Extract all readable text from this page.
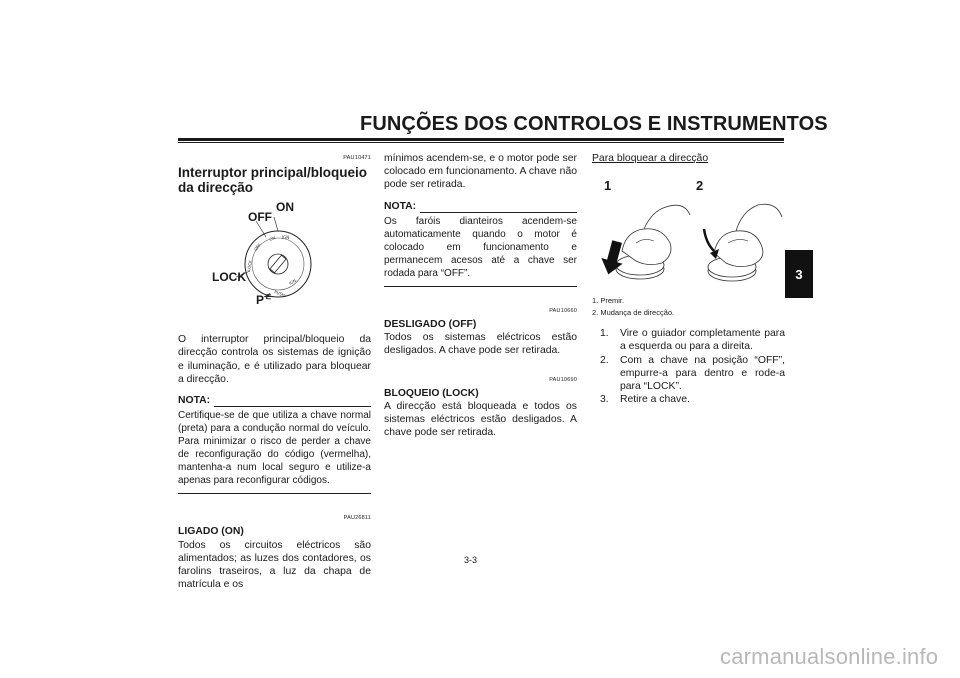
FUNÇÕES DOS CONTROLOS E INSTRUMENTOS
3
PAU10471
Interruptor principal/bloqueio da direcção
ON IGN
OFF
LOCK
IGN.
PUSH
ON
OFF
LOCK
P⋲
O interruptor principal/bloqueio da direcção controla os sistemas de ignição e iluminação, e é utilizado para bloquear a direcção.
NOTA:
Certifique-se de que utiliza a chave normal (preta) para a condução normal do veículo. Para minimizar o risco de perder a chave de reconfiguração do código (vermelha), mantenha-a num local seguro e utilize-a apenas para reconfigurar códigos.
PAU26811
LIGADO (ON)
Todos os circuitos eléctricos são alimentados; as luzes dos contadores, os farolins traseiros, a luz da chapa de matrícula e os
mínimos acendem-se, e o motor pode ser colocado em funcionamento. A chave não pode ser retirada.
NOTA:
Os faróis dianteiros acendem-se automaticamente quando o motor é colocado em funcionamento e permanecem acesos até a chave ser rodada para “OFF”.
PAU10660
DESLIGADO (OFF)
Todos os sistemas eléctricos estão desligados. A chave pode ser retirada.
PAU10690
BLOQUEIO (LOCK)
A direcção está bloqueada e todos os sistemas eléctricos estão desligados. A chave pode ser retirada.
Para bloquear a direcção
1	2
1. Premir.
2. Mudança de direcção.
1.	Vire o guiador completamente para a esquerda ou para a direita.
2.	Com a chave na posição “OFF”, empurre-a para dentro e rode-a para “LOCK”.
3.	Retire a chave.
3-3
carmanualsonline.info
